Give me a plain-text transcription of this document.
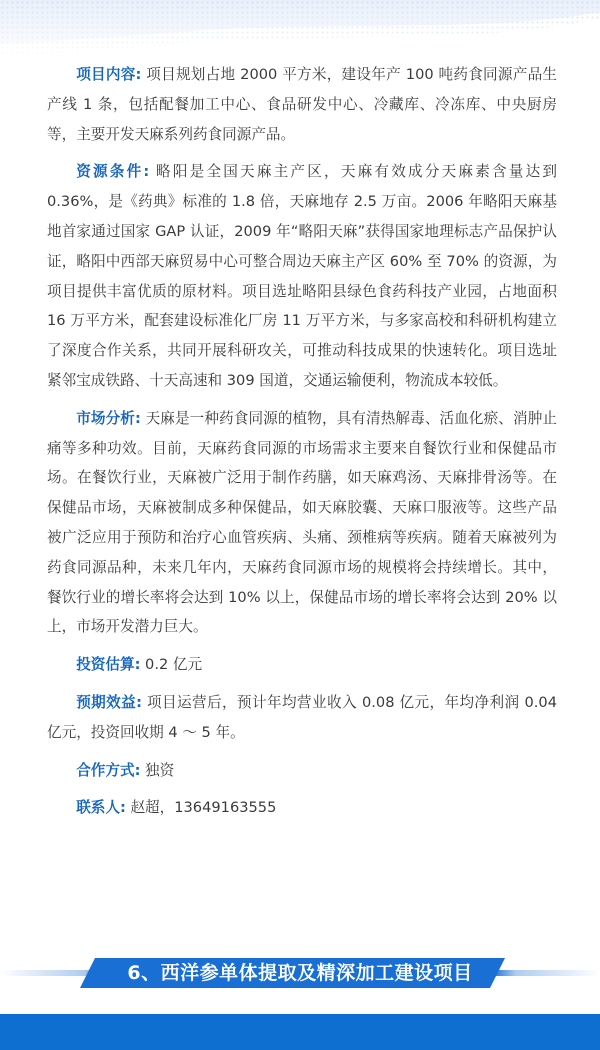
项目内容: 项目规划占地 2000 平方米，建设年产 100 吨药食同源产品生产线 1 条，包括配餐加工中心、食品研发中心、冷藏库、冷冻库、中央厨房等，主要开发天麻系列药食同源产品。

资源条件: 略阳是全国天麻主产区，天麻有效成分天麻素含量达到 0.36%，是《药典》标准的 1.8 倍，天麻地存 2.5 万亩。2006 年略阳天麻基地首家通过国家 GAP 认证，2009 年“略阳天麻”获得国家地理标志产品保护认证，略阳中西部天麻贸易中心可整合周边天麻主产区 60% 至 70% 的资源，为项目提供丰富优质的原材料。项目选址略阳县绿色食药科技产业园，占地面积 16 万平方米，配套建设标准化厂房 11 万平方米，与多家高校和科研机构建立了深度合作关系，共同开展科研攻关，可推动科技成果的快速转化。项目选址紧邻宝成铁路、十天高速和 309 国道，交通运输便利，物流成本较低。

市场分析: 天麻是一种药食同源的植物，具有清热解毒、活血化瘀、消肿止痛等多种功效。目前，天麻药食同源的市场需求主要来自餐饮行业和保健品市场。在餐饮行业，天麻被广泛用于制作药膳，如天麻鸡汤、天麻排骨汤等。在保健品市场，天麻被制成多种保健品，如天麻胶囊、天麻口服液等。这些产品被广泛应用于预防和治疗心血管疾病、头痛、颈椎病等疾病。随着天麻被列为药食同源品种，未来几年内，天麻药食同源市场的规模将会持续增长。其中，餐饮行业的增长率将会达到 10% 以上，保健品市场的增长率将会达到 20% 以上，市场开发潜力巨大。

投资估算: 0.2 亿元

预期效益: 项目运营后，预计年均营业收入 0.08 亿元，年均净利润 0.04 亿元，投资回收期 4 ～ 5 年。

合作方式: 独资

联系人: 赵超，13649163555

6、西洋参单体提取及精深加工建设项目
